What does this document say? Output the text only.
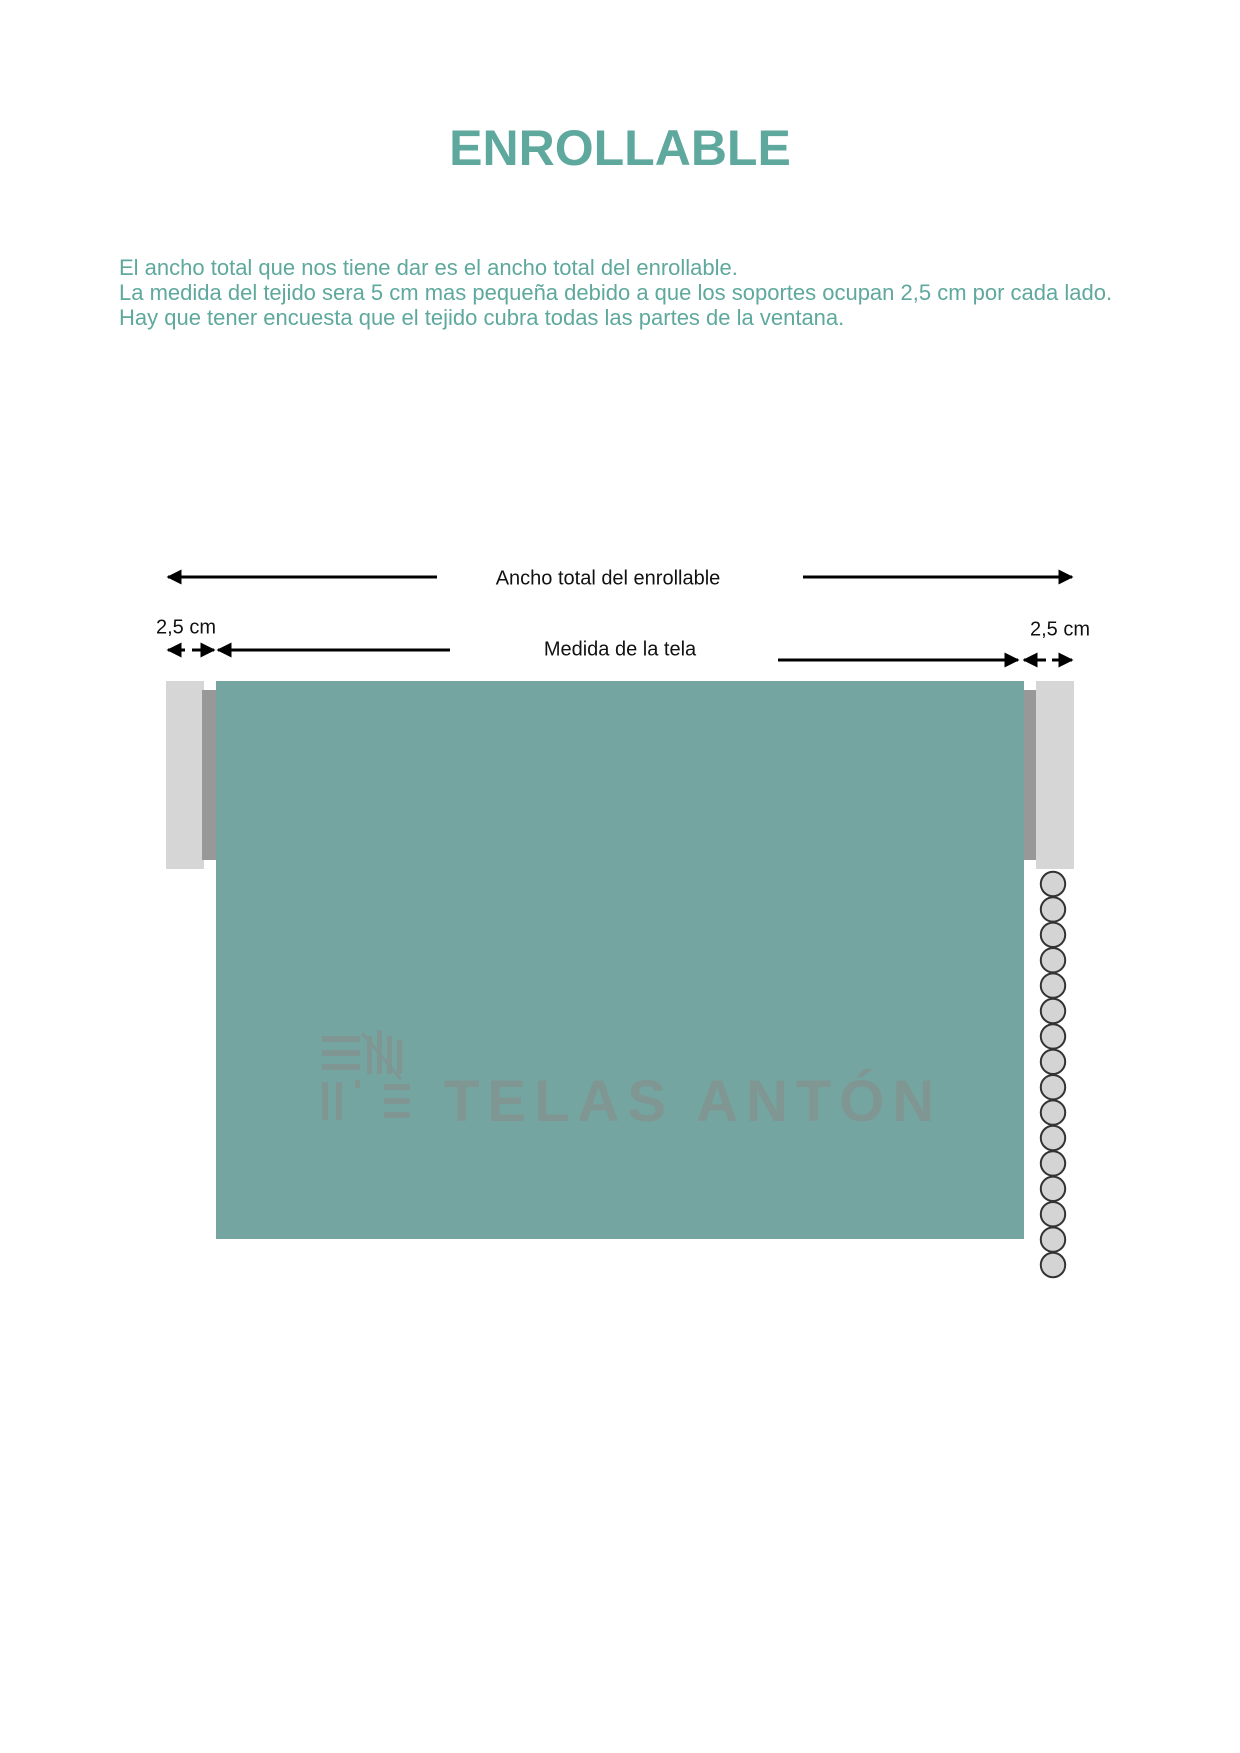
ENROLLABLE

El ancho total que nos tiene dar es el ancho total del enrollable.

La medida del tejido sera 5 cm mas pequeña debido a que los soportes ocupan 2,5 cm por cada lado.

Hay que tener encuesta que el tejido cubra todas las partes de la ventana.

Ancho total del enrollable
Medida de la tela
2,5 cm	2,5 cm
TELAS ANTÓN
